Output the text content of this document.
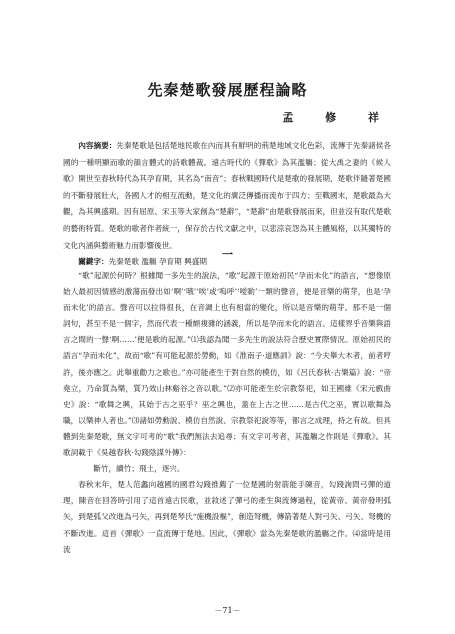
先秦楚歌發展歷程論略
孟 修 祥

內容摘要：先秦楚歌是包括楚地民歌在內而具有鮮明的荊楚地域文化色彩，流傳于先秦諸侯各國的一種明顯而歌的韻言體式的詩歌體裁。遠古時代的《彈歌》為其濫觴；從大禹之妻的《候人歌》開世至春秋時代為其孕育期，其名為“南音”；春秋戰國時代是楚歌的發展期，楚歌伴隨著楚國的不斷發展壯大，各國人才的相互流動，楚文化的廣泛傳播而流布于四方；至戰國末，楚歌最為大觀，為其興盛期。因有屈原、宋玉等大家創為“楚辭”，“楚辭”由楚歌發展而來，但並沒有取代楚歌的藝術特質。楚歌的歌者作者統一，保存於古代文獻之中，以悲涼哀怨為其主體風格，以其獨特的文化內涵與藝術魅力而影響後世。

關鍵字：先秦楚歌 濫觴 孕育期 興盛期

一

“歌”起源於何時？根據聞一多先生的說法，“歌”起源于原始初民“孕而未化”的語言，“想像原始人最初因情感的激蕩而發出如‘啊’‘哦’‘唉’或‘嗚呼’‘噯喲’一類的聲音，便是音樂的萌芽，也是‘孕而未化’的語言。聲音可以拉得很長，在音調上也有相當的變化，所以是音樂的萌芽。那不是一個詞句，甚至不是一個字，然而代表一種頗複雜的涵義，所以是孕而未化的語言。這樣界乎音樂與語言之間的一聲‘啊……’便是歌的起源。”⑴我認為聞一多先生的說法符合歷史實際情況。原始初民的語言“孕而未化”，故而“歌”有可能起源於勞動，如《淮南子·道應訓》說：“今夫舉大木者，前者哼許，後亦應之。此舉重勸力之歌也。”亦可能產生于對自然的模仿，如《呂氏春秋·古樂篇》說：“帝堯立，乃命質為樂，質乃效山林谿谷之音以歌。”⑵亦可能產生於宗教祭祀，如王國維《宋元戲曲史》說：“歌舞之興，其始于古之巫乎？巫之興也，蓋在上古之世……是古代之巫，實以歌舞為職，以樂神人者也。”⑶諸如勞動說、模仿自然說、宗教祭祀說等等，都言之成理，持之有故。但具體到先秦楚歌，無文字可考的“歌”我們無法去追尋；有文字可考者，其濫觴之作則是《彈歌》。其歌詞載于《吳越春秋·勾踐陰謀外傳》：

斷竹，續竹；飛土，逐宍。

春秋末年，楚人范蠡向越國的國君勾踐推薦了一位楚國的射箭能手陳音，勾踐詢問弓彈的道理，陳音在回答時引用了這首遠古民歌，並敘述了彈弓的產生與流傳過程，從黃帝、黃帝發明弧矢，到楚弧父改進為弓矢，再到楚琴氏“施機設樞”，創造弩機，傳箭著楚人對弓矢、弓矢、弩機的不斷改進。這首《彈歌》一直流傳于楚地。因此，《彈歌》當為先秦楚歌的濫觴之作。⑷當時是用流

－71－
